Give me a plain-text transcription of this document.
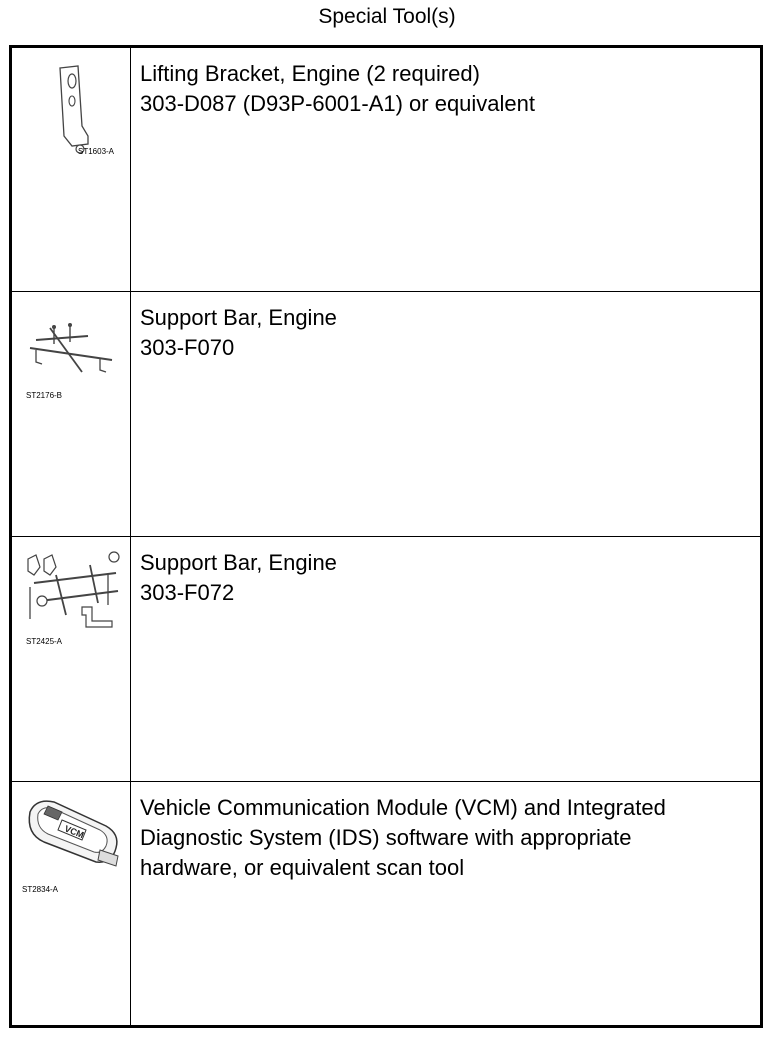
Special Tool(s)
ST1603-A	Lifting Bracket, Engine (2 required)
303-D087 (D93P-6001-A1) or equivalent

ST2176-B	Support Bar, Engine
303-F070

ST2425-A	Support Bar, Engine
303-F072

VCM
ST2834-A	Vehicle Communication Module (VCM) and Integrated
Diagnostic System (IDS) software with appropriate
hardware, or equivalent scan tool
